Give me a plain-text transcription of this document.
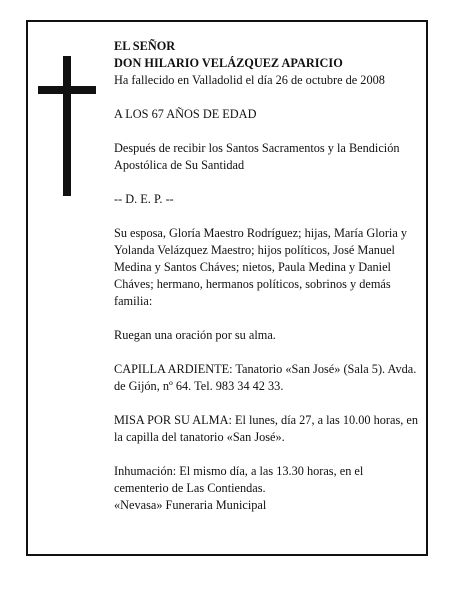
EL SEÑOR

DON HILARIO VELÁZQUEZ APARICIO

Ha fallecido en Valladolid el día 26 de octubre de 2008

A LOS 67 AÑOS DE EDAD

Después de recibir los Santos Sacramentos y la Bendición Apostólica de Su Santidad

-- D. E. P. --

Su esposa, Gloría Maestro Rodríguez; hijas, María Gloria y Yolanda Velázquez Maestro; hijos políticos, José Manuel Medina y Santos Cháves; nietos, Paula Medina y Daniel Cháves; hermano, hermanos políticos, sobrinos y demás familia:

Ruegan una oración por su alma.

CAPILLA ARDIENTE: Tanatorio «San José» (Sala 5). Avda. de Gijón, nº 64. Tel. 983 34 42 33.

MISA POR SU ALMA: El lunes, día 27, a las 10.00 horas, en la capilla del tanatorio «San José».

Inhumación: El mismo día, a las 13.30 horas, en el cementerio de Las Contiendas.

«Nevasa» Funeraria Municipal
